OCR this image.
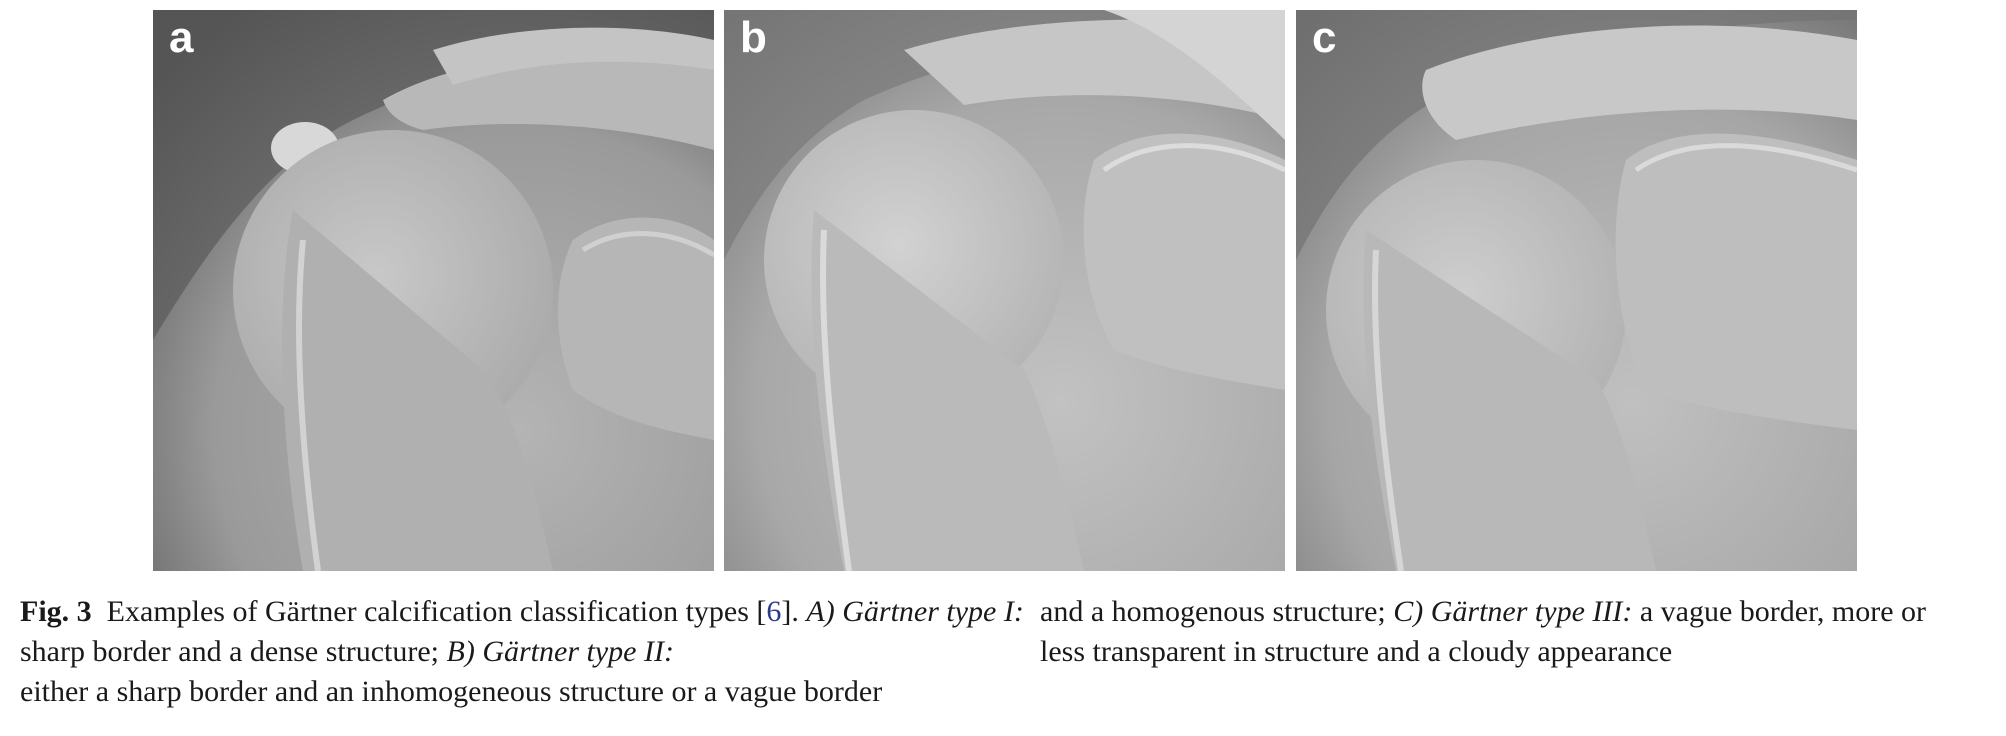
a	b	c
Fig. 3 Examples of Gärtner calcification classification types [6]. A) Gärtner type I:
sharp border and a dense structure; B) Gärtner type II:
either a sharp border and an inhomogeneous structure or a vague border
and a homogenous structure; C) Gärtner type III: a vague border, more or
less transparent in structure and a cloudy appearance
